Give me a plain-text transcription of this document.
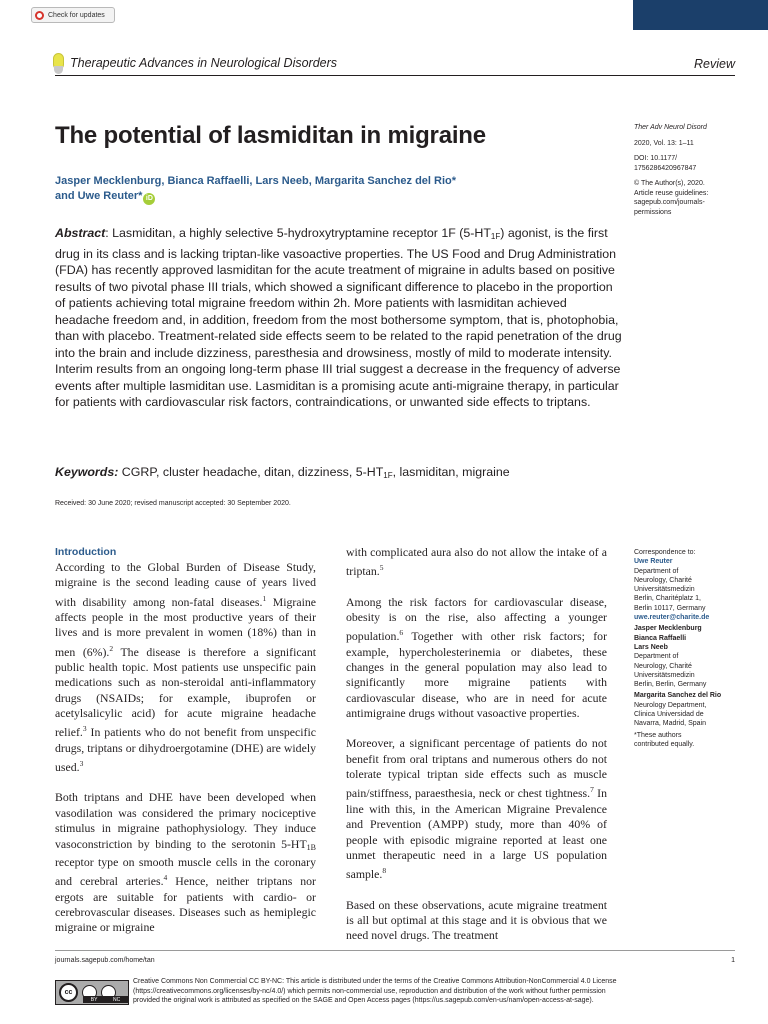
Check for updates
Therapeutic Advances in Neurological Disorders	Review
The potential of lasmiditan in migraine
Jasper Mecklenburg, Bianca Raffaelli, Lars Neeb, Margarita Sanchez del Rio*
and Uwe Reuter* iD

Ther Adv Neurol Disord

2020, Vol. 13: 1–11

DOI: 10.1177/
1756286420967847

© The Author(s), 2020.
Article reuse guidelines:
sagepub.com/journals-
permissions

Abstract: Lasmiditan, a highly selective 5-hydroxytryptamine receptor 1F $(5-HT_{1F})$ agonist, is the first drug in its class and is lacking triptan-like vasoactive properties. The US Food and Drug Administration (FDA) has recently approved lasmiditan for the acute treatment of migraine in adults based on positive results of two pivotal phase III trials, which showed a significant difference to placebo in the proportion of patients achieving total migraine freedom within 2h. More patients with lasmiditan achieved headache freedom and, in addition, freedom from the most bothersome symptom, that is, photophobia, than with placebo. Treatment-related side effects seem to be related to the rapid penetration of the drug into the brain and include dizziness, paresthesia and drowsiness, mostly of mild to moderate intensity. Interim results from an ongoing long-term phase III trial suggest a decrease in the frequency of adverse events after multiple lasmiditan use. Lasmiditan is a promising acute anti-migraine therapy, in particular for patients with cardiovascular risk factors, contraindications, or unwanted side effects to triptans.
Keywords: CGRP, cluster headache, ditan, dizziness, $5-HT_{1F}$, lasmiditan, migraine
Received: 30 June 2020; revised manuscript accepted: 30 September 2020.
Introduction

According to the Global Burden of Disease Study, migraine is the second leading cause of years lived with disability among non-fatal diseases.$^1$ Migraine affects people in the most productive years of their lives and is more prevalent in women (18%) than in men (6%).$^2$ The disease is therefore a significant public health topic. Most patients use unspecific pain medications such as non-steroidal anti-inflammatory drugs (NSAIDs; for example, ibuprofen or acetylsalicylic acid) for acute migraine headache relief.$^3$ In patients who do not benefit from unspecific drugs, triptans or dihydroergotamine (DHE) are widely used.$^3$

Both triptans and DHE have been developed when vasodilation was considered the primary nociceptive stimulus in migraine pathophysiology. They induce vasoconstriction by binding to the serotonin $5-HT_{1B}$ receptor type on smooth muscle cells in the coronary and cerebral arteries.$^4$ Hence, neither triptans nor ergots are suitable for patients with cardio- or cerebrovascular diseases. Diseases such as hemiplegic migraine or migraine

with complicated aura also do not allow the intake of a triptan.$^5$

Among the risk factors for cardiovascular disease, obesity is on the rise, also affecting a younger population.$^6$ Together with other risk factors; for example, hypercholesterinemia or diabetes, these changes in the general population may also lead to significantly more migraine patients with cardiovascular disease, who are in need for acute antimigraine drugs without vasoactive properties.

Moreover, a significant percentage of patients do not benefit from oral triptans and numerous others do not tolerate typical triptan side effects such as muscle pain/stiffness, paraesthesia, neck or chest tightness.$^7$ In line with this, in the American Migraine Prevalence and Prevention (AMPP) study, more than 40% of people with episodic migraine reported at least one unmet therapeutic need in a large US population sample.$^8$

Based on these observations, acute migraine treatment is all but optimal at this stage and it is obvious that we need novel drugs. The treatment

Correspondence to:
Uwe Reuter
Department of
Neurology, Charité
Universitätsmedizin
Berlin, Charitéplatz 1,
Berlin 10117, Germany
uwe.reuter@charite.de
Jasper Mecklenburg
Bianca Raffaelli
Lars Neeb
Department of
Neurology, Charité
Universitätsmedizin
Berlin, Berlin, Germany
Margarita Sanchez del Rio
Neurology Department,
Clinica Universidad de
Navarra, Madrid, Spain
*These authors
contributed equally.
journals.sagepub.com/home/tan	1
cc
BY	NC
Creative Commons Non Commercial CC BY-NC: This article is distributed under the terms of the Creative Commons Attribution-NonCommercial 4.0 License
(https://creativecommons.org/licenses/by-nc/4.0/) which permits non-commercial use, reproduction and distribution of the work without further permission
provided the original work is attributed as specified on the SAGE and Open Access pages (https://us.sagepub.com/en-us/nam/open-access-at-sage).
